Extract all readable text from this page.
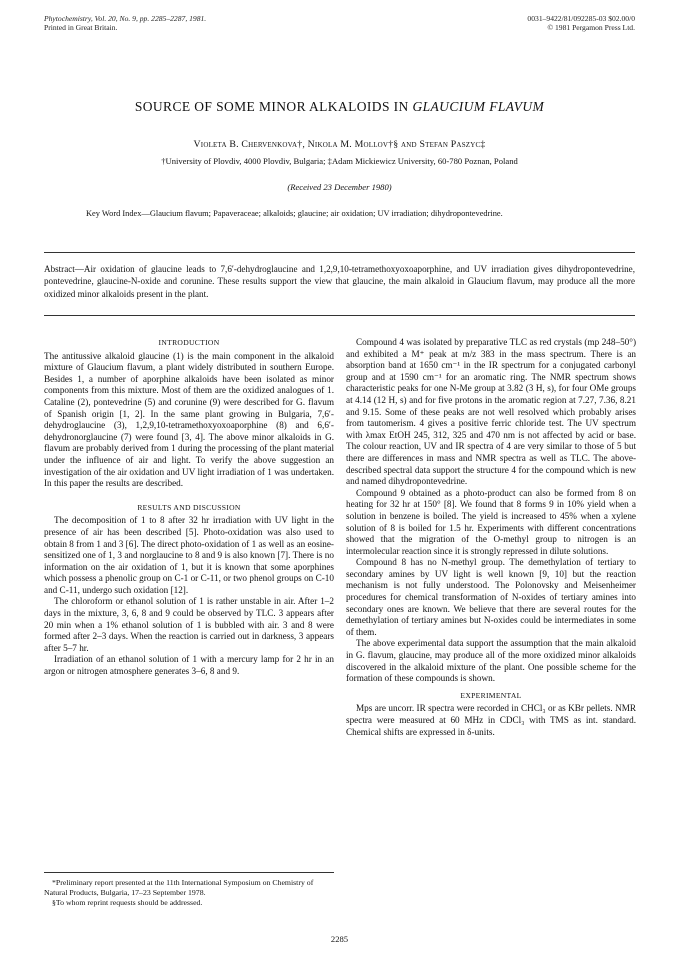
Phytochemistry, Vol. 20, No. 9, pp. 2285–2287, 1981.
Printed in Great Britain.
0031–9422/81/092285-03 $02.00/0
© 1981 Pergamon Press Ltd.
SOURCE OF SOME MINOR ALKALOIDS IN GLAUCIUM FLAVUM
Violeta B. Chervenkova†, Nikola M. Mollov†§ and Stefan Paszyc‡
†University of Plovdiv, 4000 Plovdiv, Bulgaria; ‡Adam Mickiewicz University, 60-780 Poznan, Poland
(Received 23 December 1980)
Key Word Index—Glaucium flavum; Papaveraceae; alkaloids; glaucine; air oxidation; UV irradiation; dihydropontevedrine.
Abstract—Air oxidation of glaucine leads to 7,6′-dehydroglaucine and 1,2,9,10-tetramethoxyoxoaporphine, and UV irradiation gives dihydropontevedrine, pontevedrine, glaucine-N-oxide and corunine. These results support the view that glaucine, the main alkaloid in Glaucium flavum, may produce all the more oxidized minor alkaloids present in the plant.
INTRODUCTION

The antitussive alkaloid glaucine (1) is the main component in the alkaloid mixture of Glaucium flavum, a plant widely distributed in southern Europe. Besides 1, a number of aporphine alkaloids have been isolated as minor components from this mixture. Most of them are the oxidized analogues of 1. Cataline (2), pontevedrine (5) and corunine (9) were described for G. flavum of Spanish origin [1, 2]. In the same plant growing in Bulgaria, 7,6′-dehydroglaucine (3), 1,2,9,10-tetramethoxyoxoaporphine (8) and 6,6′-dehydronorglaucine (7) were found [3, 4]. The above minor alkaloids in G. flavum are probably derived from 1 during the processing of the plant material under the influence of air and light. To verify the above suggestion an investigation of the air oxidation and UV light irradiation of 1 was undertaken. In this paper the results are described.

RESULTS AND DISCUSSION

The decomposition of 1 to 8 after 32 hr irradiation with UV light in the presence of air has been described [5]. Photo-oxidation was also used to obtain 8 from 1 and 3 [6]. The direct photo-oxidation of 1 as well as an eosine-sensitized one of 1, 3 and norglaucine to 8 and 9 is also known [7]. There is no information on the air oxidation of 1, but it is known that some aporphines which possess a phenolic group on C-1 or C-11, or two phenol groups on C-10 and C-11, undergo such oxidation [12].

The chloroform or ethanol solution of 1 is rather unstable in air. After 1–2 days in the mixture, 3, 6, 8 and 9 could be observed by TLC. 3 appears after 20 min when a 1% ethanol solution of 1 is bubbled with air. 3 and 8 were formed after 2–3 days. When the reaction is carried out in darkness, 3 appears after 5–7 hr.

Irradiation of an ethanol solution of 1 with a mercury lamp for 2 hr in an argon or nitrogen atmosphere generates 3–6, 8 and 9.

*Preliminary report presented at the 11th International Symposium on Chemistry of Natural Products, Bulgaria, 17–23 September 1978.

§To whom reprint requests should be addressed.

Compound 4 was isolated by preparative TLC as red crystals (mp 248–50°) and exhibited a M⁺ peak at m/z 383 in the mass spectrum. There is an absorption band at 1650 cm⁻¹ in the IR spectrum for a conjugated carbonyl group and at 1590 cm⁻¹ for an aromatic ring. The NMR spectrum shows characteristic peaks for one N-Me group at 3.82 (3 H, s), for four OMe groups at 4.14 (12 H, s) and for five protons in the aromatic region at 7.27, 7.36, 8.21 and 9.15. Some of these peaks are not well resolved which probably arises from tautomerism. 4 gives a positive ferric chloride test. The UV spectrum with λmax EtOH 245, 312, 325 and 470 nm is not affected by acid or base. The colour reaction, UV and IR spectra of 4 are very similar to those of 5 but there are differences in mass and NMR spectra as well as TLC. The above-described spectral data support the structure 4 for the compound which is new and named dihydropontevedrine.

Compound 9 obtained as a photo-product can also be formed from 8 on heating for 32 hr at 150° [8]. We found that 8 forms 9 in 10% yield when a solution in benzene is boiled. The yield is increased to 45% when a xylene solution of 8 is boiled for 1.5 hr. Experiments with different concentrations showed that the migration of the O-methyl group to nitrogen is an intermolecular reaction since it is strongly repressed in dilute solutions.

Compound 8 has no N-methyl group. The demethylation of tertiary to secondary amines by UV light is well known [9, 10] but the reaction mechanism is not fully understood. The Polonovsky and Meisenheimer procedures for chemical transformation of N-oxides of tertiary amines into secondary ones are known. We believe that there are several routes for the demethylation of tertiary amines but N-oxides could be intermediates in some of them.

The above experimental data support the assumption that the main alkaloid in G. flavum, glaucine, may produce all of the more oxidized minor alkaloids discovered in the alkaloid mixture of the plant. One possible scheme for the formation of these compounds is shown.

EXPERIMENTAL

Mps are uncorr. IR spectra were recorded in CHCl₃ or as KBr pellets. NMR spectra were measured at 60 MHz in CDCl₃ with TMS as int. standard. Chemical shifts are expressed in δ-units.

2285
